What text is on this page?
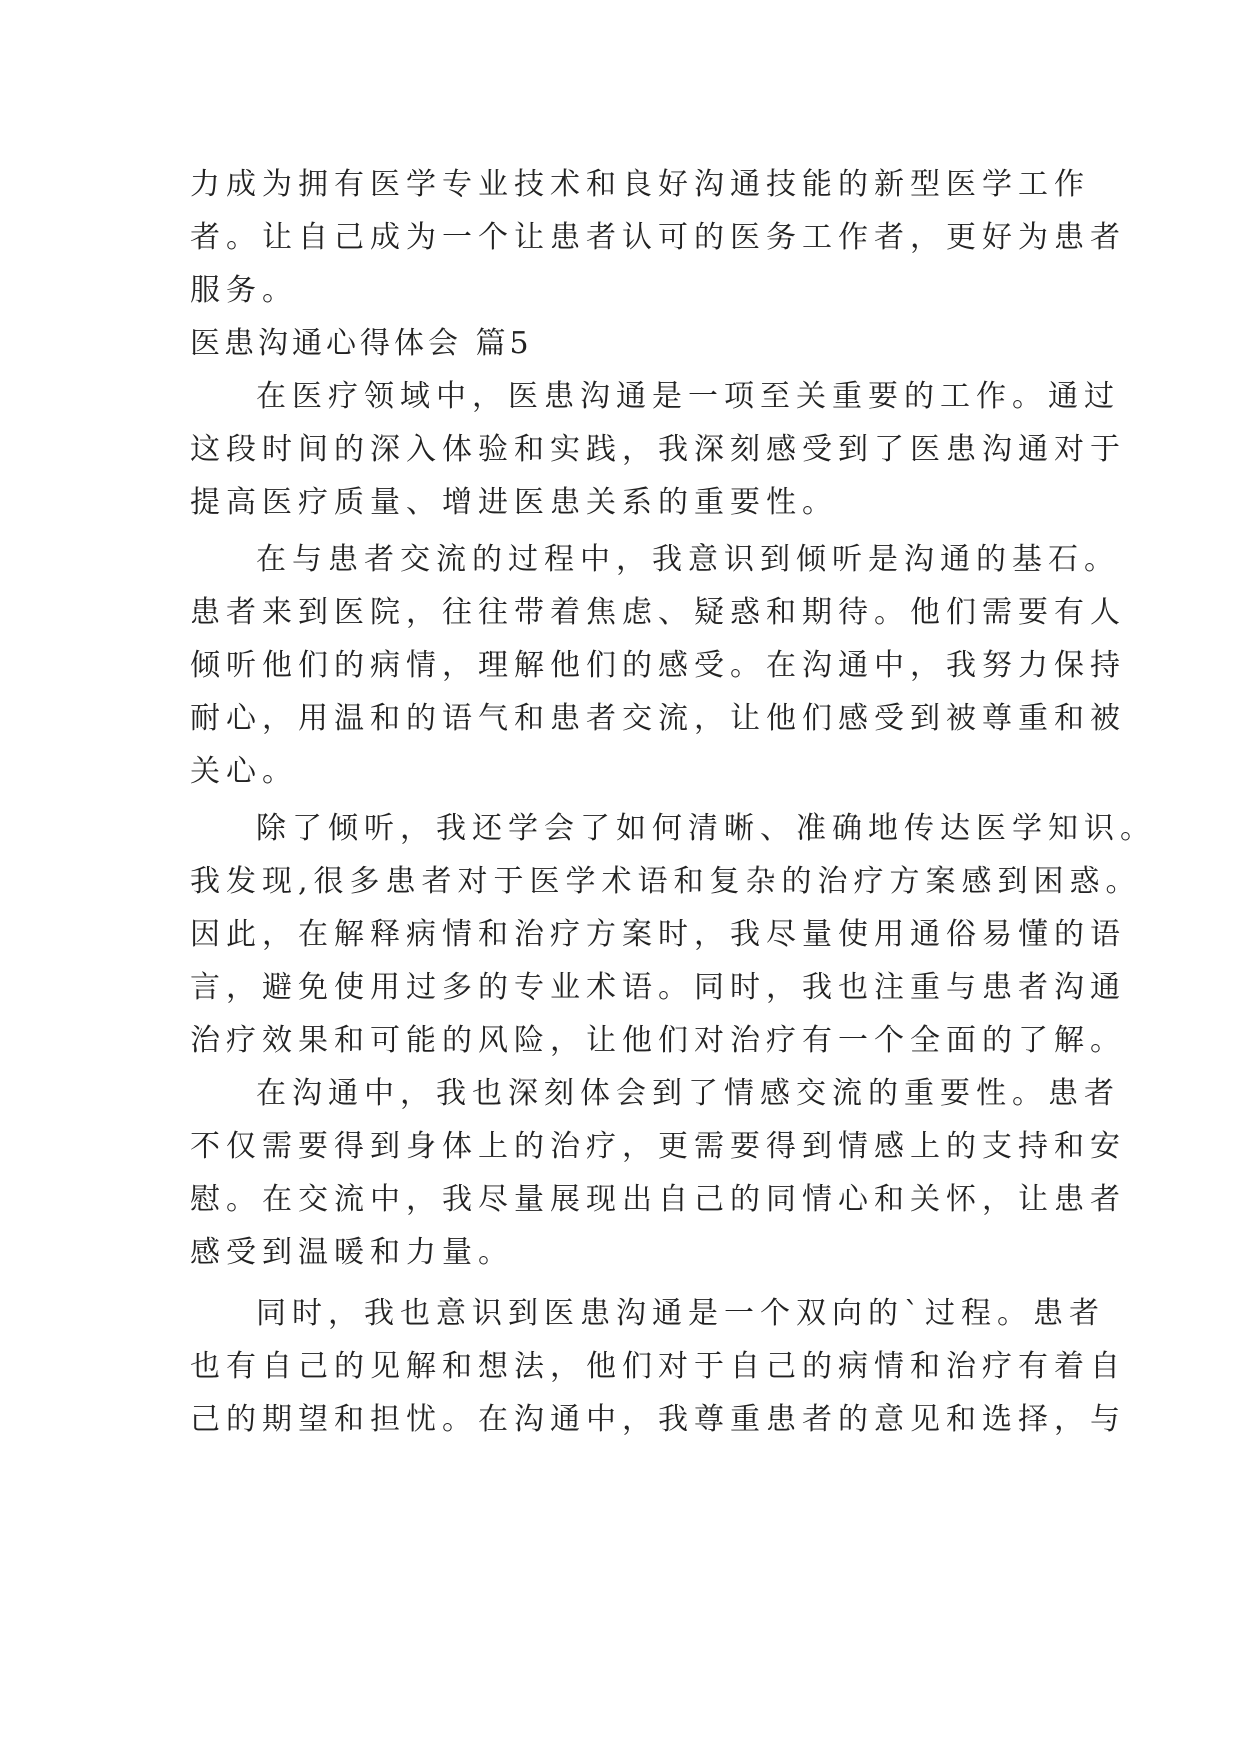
力成为拥有医学专业技术和良好沟通技能的新型医学工作
者。让自己成为一个让患者认可的医务工作者，更好为患者
服务。
医患沟通心得体会 篇5
在医疗领域中，医患沟通是一项至关重要的工作。通过
这段时间的深入体验和实践，我深刻感受到了医患沟通对于
提高医疗质量、增进医患关系的重要性。
在与患者交流的过程中，我意识到倾听是沟通的基石。
患者来到医院，往往带着焦虑、疑惑和期待。他们需要有人
倾听他们的病情，理解他们的感受。在沟通中，我努力保持
耐心，用温和的语气和患者交流，让他们感受到被尊重和被
关心。
除了倾听，我还学会了如何清晰、准确地传达医学知识。
我发现,很多患者对于医学术语和复杂的治疗方案感到困惑。
因此，在解释病情和治疗方案时，我尽量使用通俗易懂的语
言，避免使用过多的专业术语。同时，我也注重与患者沟通
治疗效果和可能的风险，让他们对治疗有一个全面的了解。
在沟通中，我也深刻体会到了情感交流的重要性。患者
不仅需要得到身体上的治疗，更需要得到情感上的支持和安
慰。在交流中，我尽量展现出自己的同情心和关怀，让患者
感受到温暖和力量。
同时，我也意识到医患沟通是一个双向的`过程。患者
也有自己的见解和想法，他们对于自己的病情和治疗有着自
己的期望和担忧。在沟通中，我尊重患者的意见和选择，与
